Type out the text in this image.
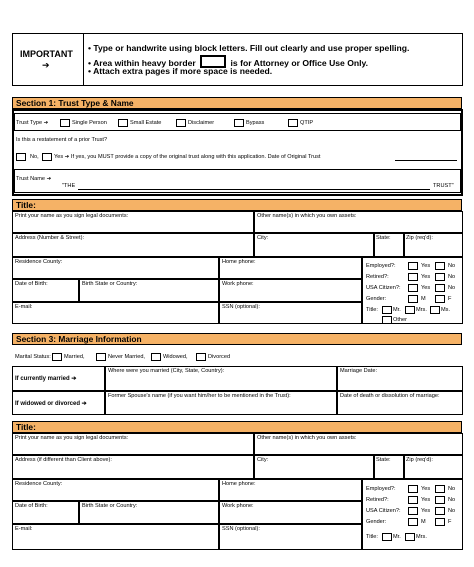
IMPORTANT
➔
• Type or handwrite using block letters. Fill out clearly and use proper spelling.
• Area within heavy border	is for Attorney or Office Use Only.
• Attach extra pages if more space is needed.
Section 1: Trust Type & Name
Trust Type ➔	Single Person	Small Estate	Disclaimer	Bypass	QTIP
Is this a restatement of a prior Trust?
No,	Yes ➔ If yes, you MUST provide a copy of the original trust along with this application. Date of Original Trust
Trust Name ➔
"THE	TRUST"
Title:
Print your name as you sign legal documents:	Other name(s) in which you own assets:
Address (Number & Street):	City:	State:	Zip (req'd):
Residence County:	Home phone:
Date of Birth:	Birth State or Country:	Work phone:
E-mail:	SSN (optional):
Employed?:	Yes	No
Retired?:	Yes	No
USA Citizen?:	Yes	No
Gender:	M	F
Title:	Mr.	Mrs.	Ms.
Other
Section 3: Marriage Information
Marital Status: Married,	Never Married,	Widowed,	Divorced
If currently married ➔
Where were you married (City, State, Country):	Marriage Date:
If widowed or divorced ➔
Former Spouse's name (if you want him/her to be mentioned in the Trust):	Date of death or dissolution of marriage:
Title:
Print your name as you sign legal documents:	Other name(s) in which you own assets:
Address (if different than Client above):	City:	State:	Zip (req'd):
Residence County:	Home phone:
Date of Birth:	Birth State or Country:	Work phone:
E-mail:	SSN (optional):
Employed?:	Yes	No
Retired?:	Yes	No
USA Citizen?:	Yes	No
Gender:	M	F
Title:	Mr.	Mrs.
